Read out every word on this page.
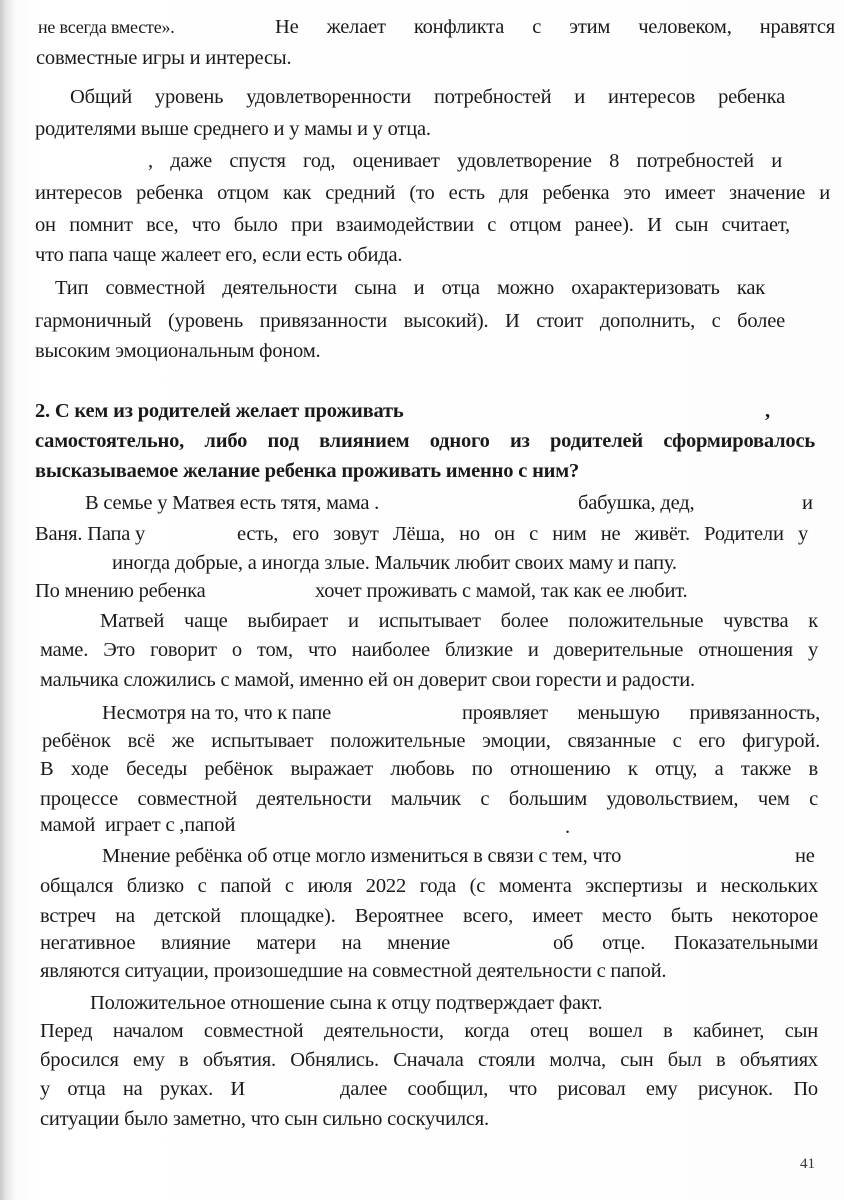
не всегда вместе».	Не желает конфликта с этим человеком, нравятся
совместные игры и интересы.
Общий уровень удовлетворенности потребностей и интересов ребенка
родителями выше среднего и у мамы и у отца.
, даже спустя год, оценивает удовлетворение 8 потребностей и
интересов ребенка отцом как средний (то есть для ребенка это имеет значение и
он помнит все, что было при взаимодействии с отцом ранее). И сын считает,
что папа чаще жалеет его, если есть обида.
Тип совместной деятельности сына и отца можно охарактеризовать как
гармоничный (уровень привязанности высокий). И стоит дополнить, с более
высоким эмоциональным фоном.
2. С кем из родителей желает проживать	,
самостоятельно, либо под влиянием одного из родителей сформировалось
высказываемое желание ребенка проживать именно с ним?
В семье у Матвея есть тятя, мама .	бабушка, дед,	и
Ваня. Папа у	есть, его зовут Лёша, но он с ним не живёт. Родители у
иногда добрые, а иногда злые. Мальчик любит своих маму и папу.
По мнению ребенка	хочет проживать с мамой, так как ее любит.
Матвей чаще выбирает и испытывает более положительные чувства к
маме. Это говорит о том, что наиболее близкие и доверительные отношения у
мальчика сложились с мамой, именно ей он доверит свои горести и радости.
Несмотря на то, что к папе	проявляет меньшую привязанность,
ребёнок всё же испытывает положительные эмоции, связанные с его фигурой.
В ходе беседы ребёнок выражает любовь по отношению к отцу, а также в
процессе совместной деятельности мальчик с большим удовольствием, чем с
мамой  играет с ,папой	.
Мнение ребёнка об отце могло измениться в связи с тем, что	не
общался близко с папой с июля 2022 года (с момента экспертизы и нескольких
встреч на детской площадке). Вероятнее всего, имеет место быть некоторое
негативное влияние матери на мнение	об отце. Показательными
являются ситуации, произошедшие на совместной деятельности с папой.
Положительное отношение сына к отцу подтверждает факт.
Перед началом совместной деятельности, когда отец вошел в кабинет, сын
бросился ему в объятия. Обнялись. Сначала стояли молча, сын был в объятиях
у отца на руках. И	далее сообщил, что рисовал ему рисунок. По
ситуации было заметно, что сын сильно соскучился.
41
